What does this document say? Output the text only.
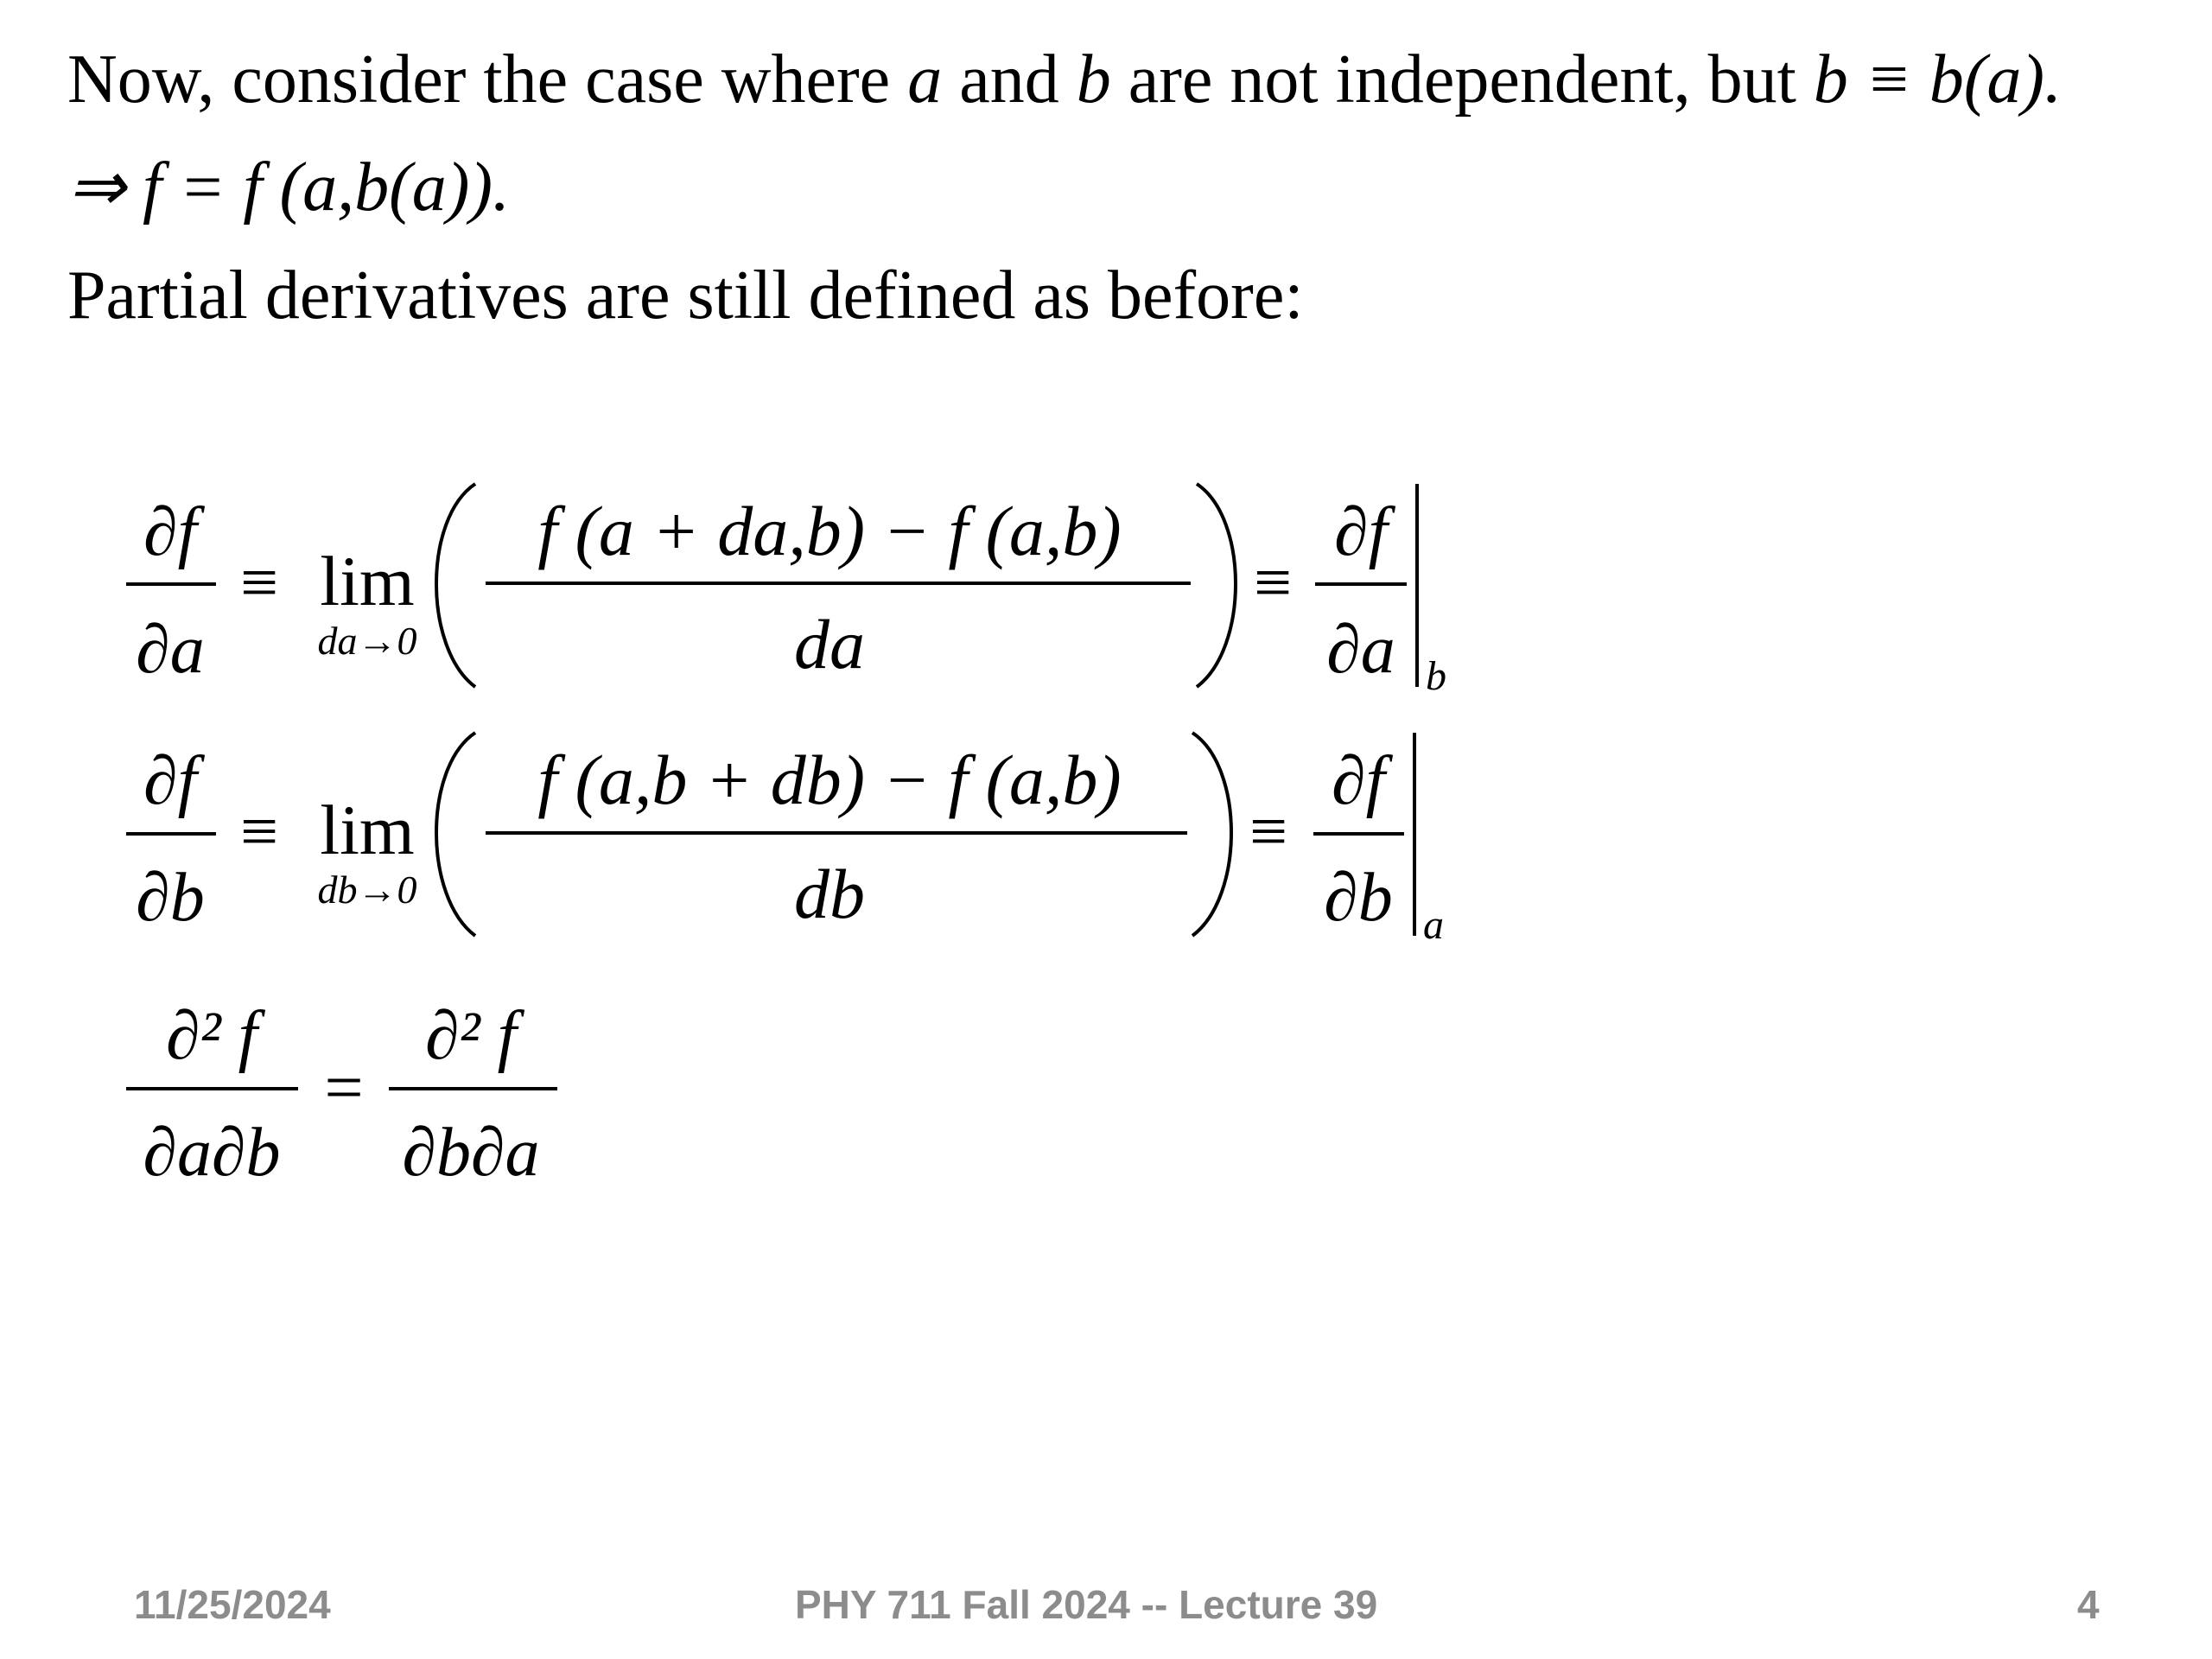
Now, consider the case where a and b are not independent, but b ≡ b(a).
⇒ f = f (a,b(a)).
Partial derivatives are still defined as before:
∂f
∂a
≡ lim
da→0
f (a + da,b) − f (a,b)
da
≡
∂f
∂a b
∂f
∂b
≡ lim
db→0
f (a,b + db) − f (a,b)
db
≡
∂f
∂b a
∂² f
∂a∂b
=
∂² f
∂b∂a
11/25/2024	PHY 711 Fall 2024 -- Lecture 39	4
